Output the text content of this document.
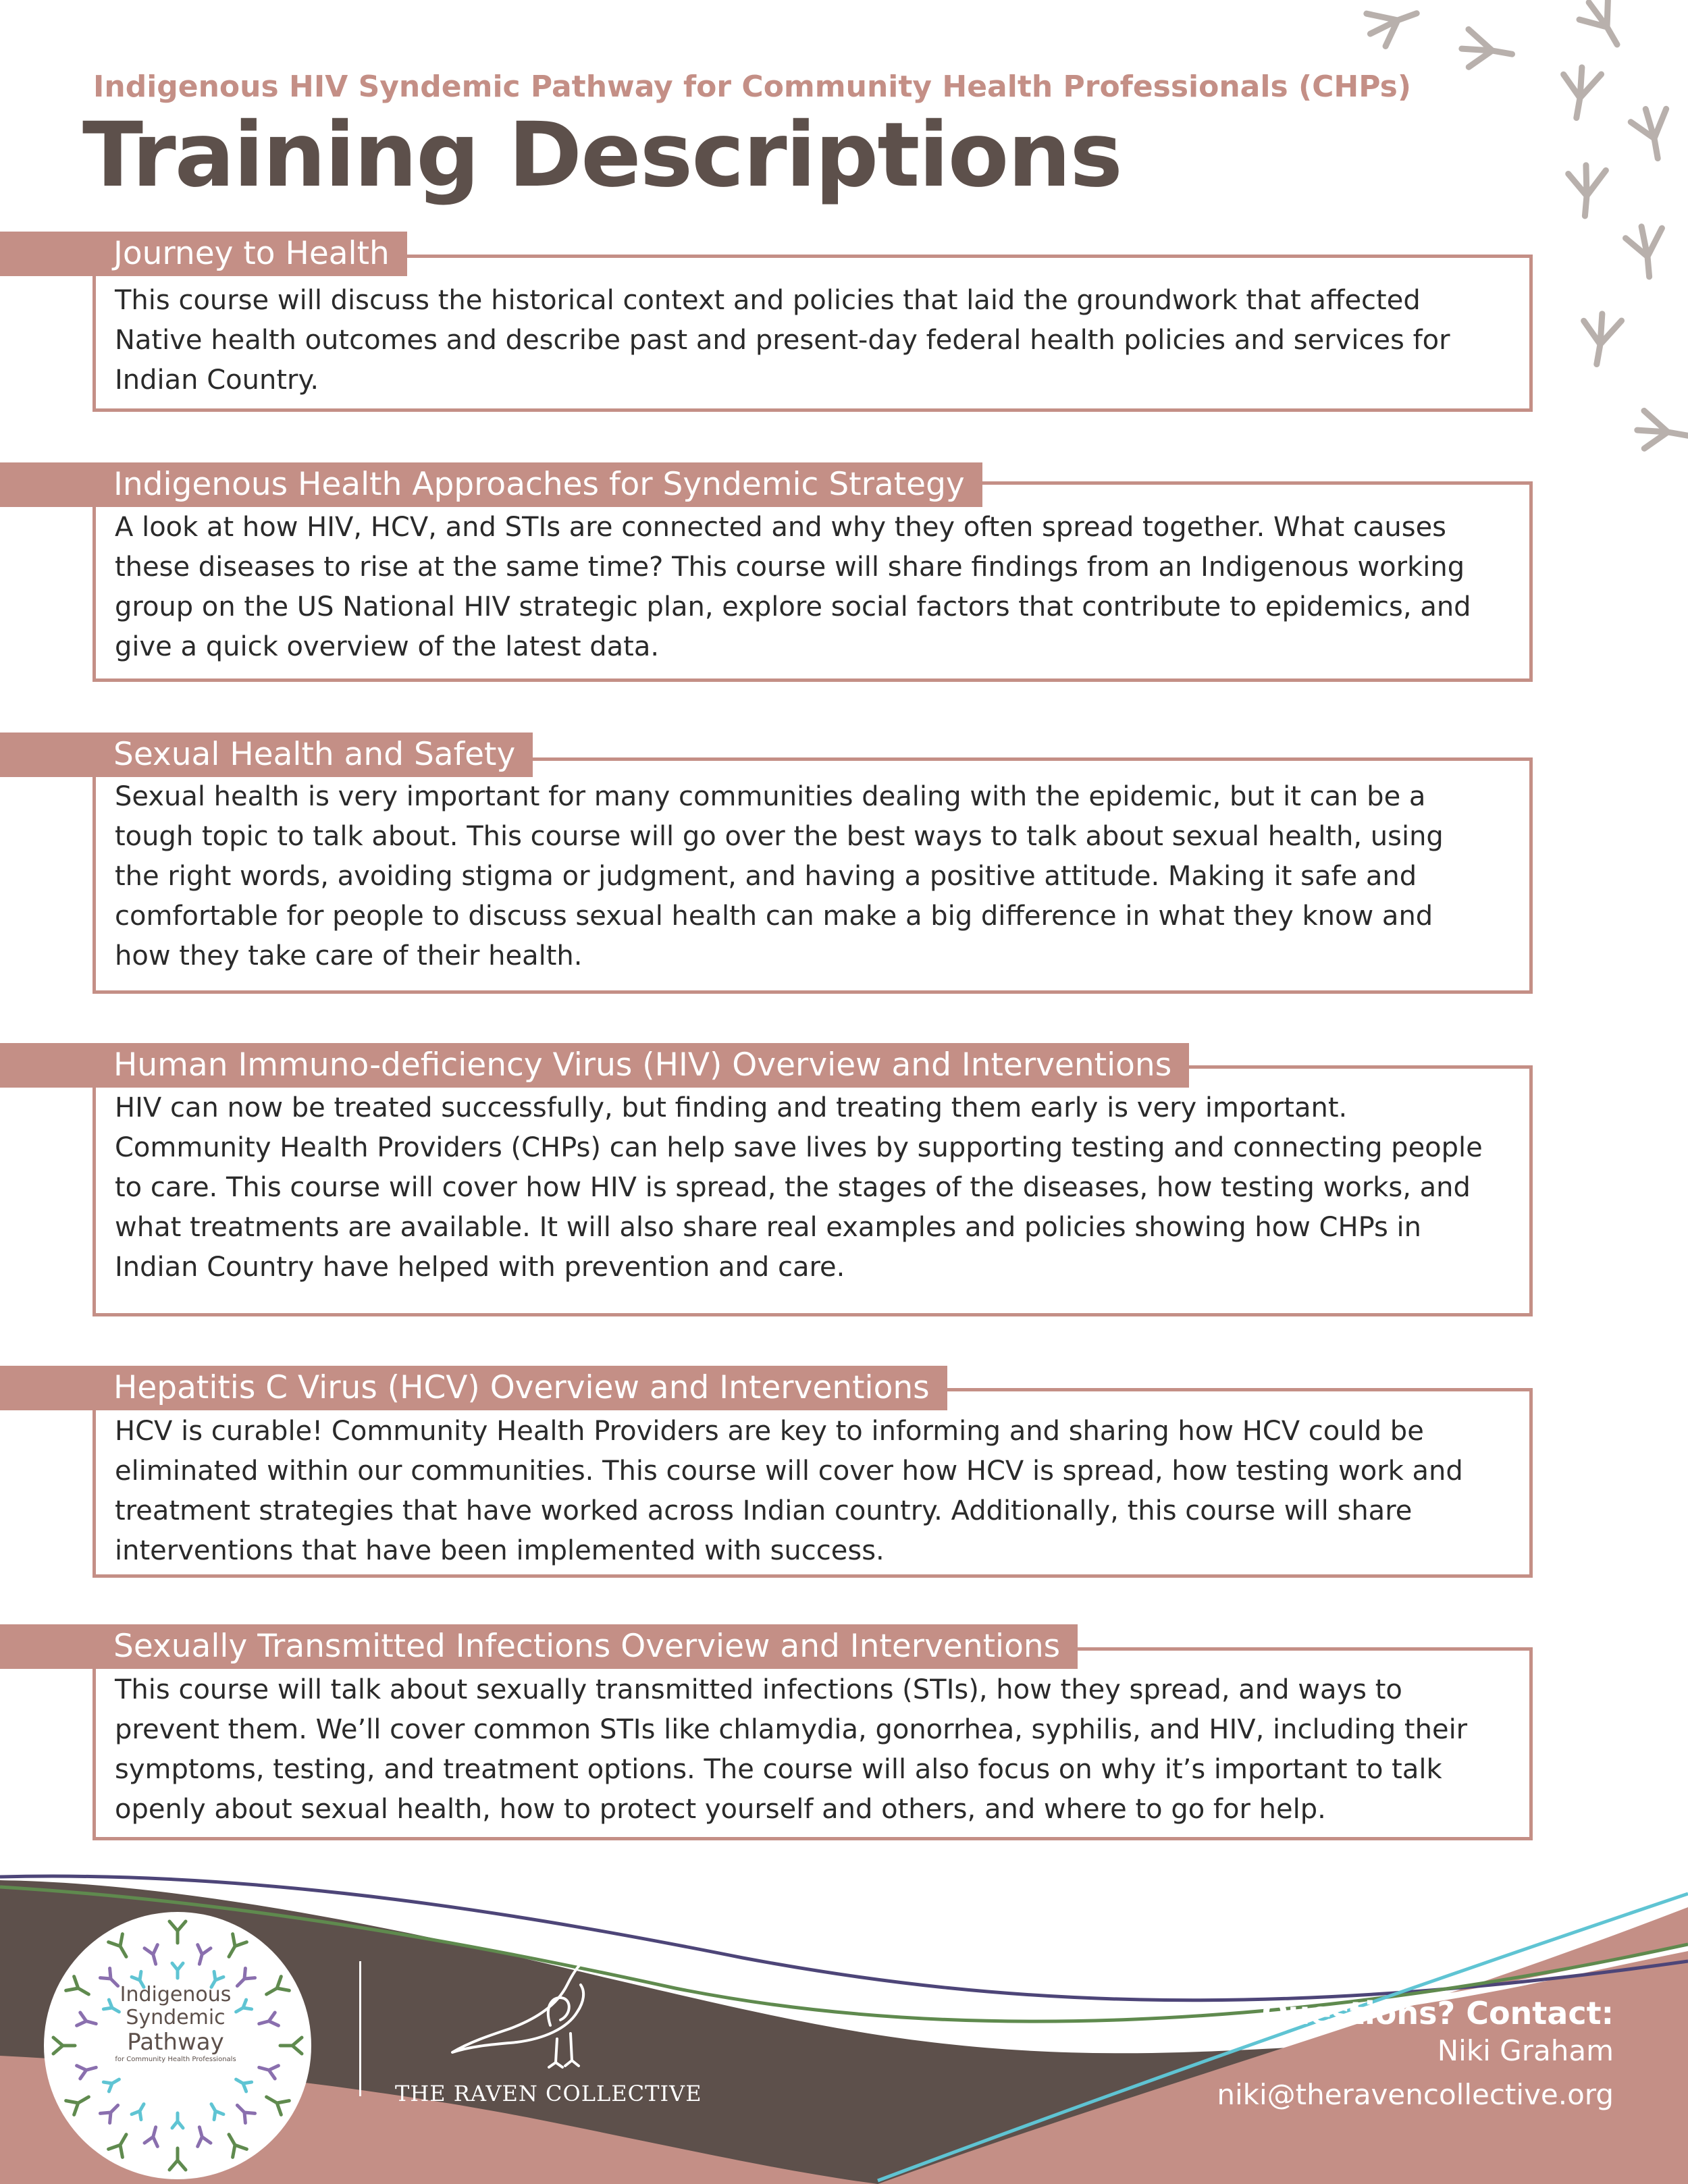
Indigenous HIV Syndemic Pathway for Community Health Professionals (CHPs)
Training Descriptions
Journey to Health

This course will discuss the historical context and policies that laid the groundwork that affected Native health outcomes and describe past and present-day federal health policies and services for Indian Country.

Indigenous Health Approaches for Syndemic Strategy

A look at how HIV, HCV, and STIs are connected and why they often spread together. What causes these diseases to rise at the same time? This course will share findings from an Indigenous working group on the US National HIV strategic plan, explore social factors that contribute to epidemics, and give a quick overview of the latest data.

Sexual Health and Safety

Sexual health is very important for many communities dealing with the epidemic, but it can be a tough topic to talk about. This course will go over the best ways to talk about sexual health, using the right words, avoiding stigma or judgment, and having a positive attitude. Making it safe and comfortable for people to discuss sexual health can make a big difference in what they know and how they take care of their health.

Human Immuno-deficiency Virus (HIV) Overview and Interventions

HIV can now be treated successfully, but finding and treating them early is very important. Community Health Providers (CHPs) can help save lives by supporting testing and connecting people to care. This course will cover how HIV is spread, the stages of the diseases, how testing works, and what treatments are available. It will also share real examples and policies showing how CHPs in Indian Country have helped with prevention and care.

Hepatitis C Virus (HCV) Overview and Interventions

HCV is curable! Community Health Providers are key to informing and sharing how HCV could be eliminated within our communities. This course will cover how HCV is spread, how testing work and treatment strategies that have worked across Indian country. Additionally, this course will share interventions that have been implemented with success.

Sexually Transmitted Infections Overview and Interventions

This course will talk about sexually transmitted infections (STIs), how they spread, and ways to prevent them. We’ll cover common STIs like chlamydia, gonorrhea, syphilis, and HIV, including their symptoms, testing, and treatment options. The course will also focus on why it’s important to talk openly about sexual health, how to protect yourself and others, and where to go for help.

Indigenous
Syndemic
Pathway
for Community Health Professionals
THE RAVEN COLLECTIVE
Questions? Contact:
Niki Graham
niki@theravencollective.org
